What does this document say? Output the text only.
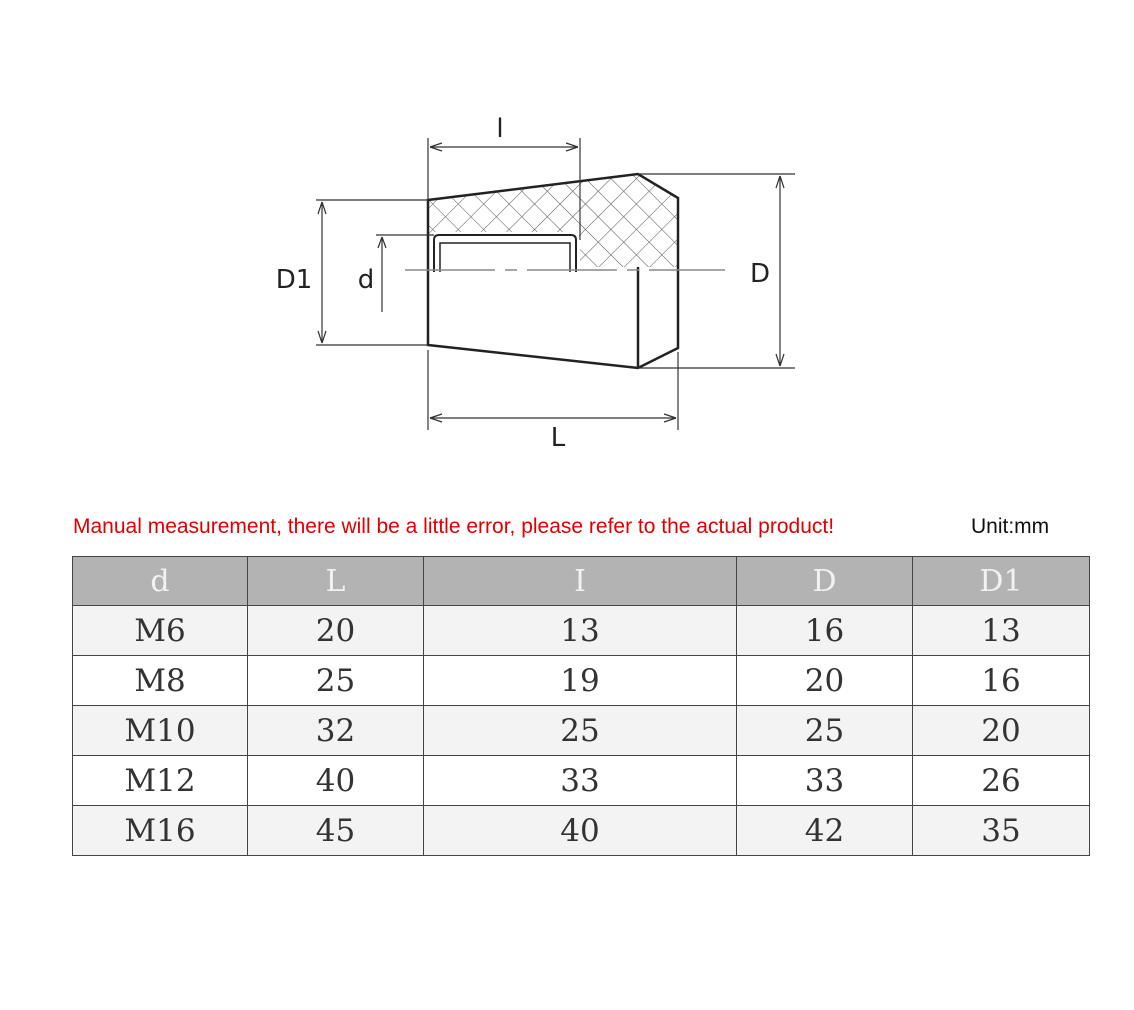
l
D1 d	D
L
Manual measurement, there will be a little error, please refer to the actual product!	Unit:mm
d	L	I	D	D1
M6	20	13	16	13
M8	25	19	20	16
M10	32	25	25	20
M12	40	33	33	26
M16	45	40	42	35
